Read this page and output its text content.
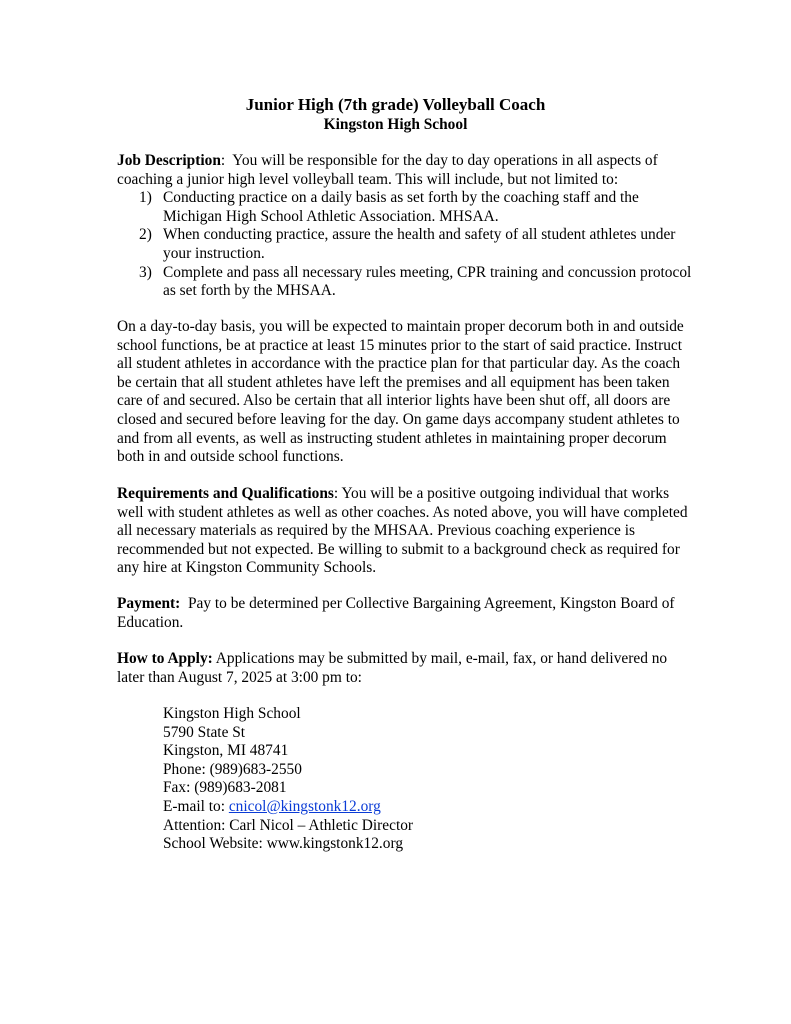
Junior High (7th grade) Volleyball Coach
Kingston High School

Job Description:  You will be responsible for the day to day operations in all aspects of coaching a junior high level volleyball team. This will include, but not limited to:

1) Conducting practice on a daily basis as set forth by the coaching staff and the Michigan High School Athletic Association. MHSAA.
2) When conducting practice, assure the health and safety of all student athletes under your instruction.
3) Complete and pass all necessary rules meeting, CPR training and concussion protocol as set forth by the MHSAA.

On a day-to-day basis, you will be expected to maintain proper decorum both in and outside school functions, be at practice at least 15 minutes prior to the start of said practice. Instruct all student athletes in accordance with the practice plan for that particular day. As the coach be certain that all student athletes have left the premises and all equipment has been taken care of and secured. Also be certain that all interior lights have been shut off, all doors are closed and secured before leaving for the day. On game days accompany student athletes to and from all events, as well as instructing student athletes in maintaining proper decorum both in and outside school functions.

Requirements and Qualifications: You will be a positive outgoing individual that works well with student athletes as well as other coaches. As noted above, you will have completed all necessary materials as required by the MHSAA. Previous coaching experience is recommended but not expected. Be willing to submit to a background check as required for any hire at Kingston Community Schools.

Payment: Pay to be determined per Collective Bargaining Agreement, Kingston Board of Education.

How to Apply: Applications may be submitted by mail, e-mail, fax, or hand delivered no later than August 7, 2025 at 3:00 pm to:

Kingston High School
5790 State St
Kingston, MI 48741
Phone: (989)683-2550
Fax: (989)683-2081
E-mail to: cnicol@kingstonk12.org
Attention: Carl Nicol – Athletic Director
School Website: www.kingstonk12.org
